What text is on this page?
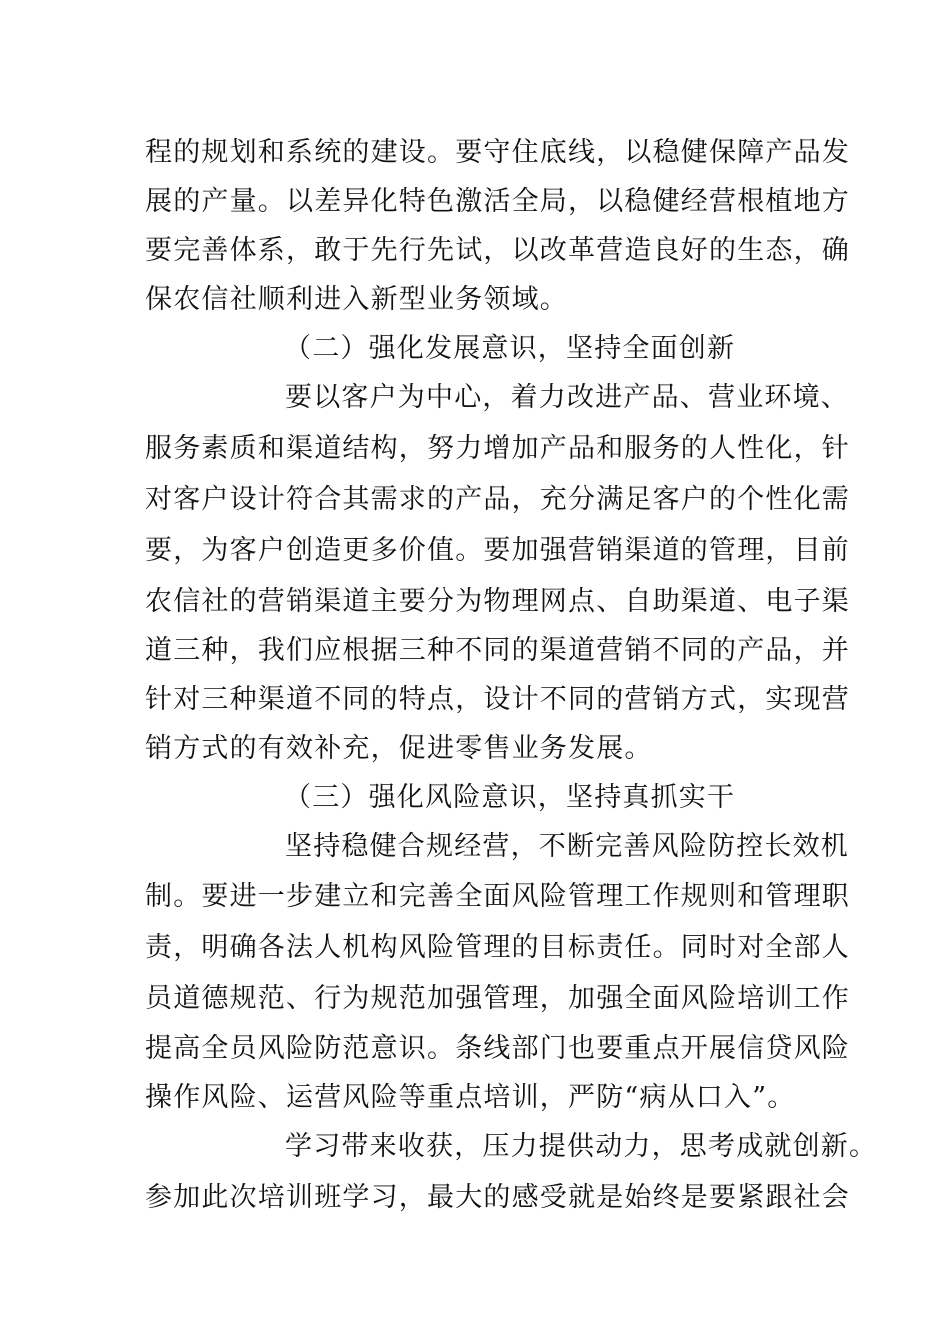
程的规划和系统的建设。要守住底线，以稳健保障产品发
展的产量。以差异化特色激活全局，以稳健经营根植地方
要完善体系，敢于先行先试，以改革营造良好的生态，确
保农信社顺利进入新型业务领域。
（二）强化发展意识，坚持全面创新
要以客户为中心，着力改进产品、营业环境、
服务素质和渠道结构，努力增加产品和服务的人性化，针
对客户设计符合其需求的产品，充分满足客户的个性化需
要，为客户创造更多价值。要加强营销渠道的管理，目前
农信社的营销渠道主要分为物理网点、自助渠道、电子渠
道三种，我们应根据三种不同的渠道营销不同的产品，并
针对三种渠道不同的特点，设计不同的营销方式，实现营
销方式的有效补充，促进零售业务发展。
（三）强化风险意识，坚持真抓实干
坚持稳健合规经营，不断完善风险防控长效机
制。要进一步建立和完善全面风险管理工作规则和管理职
责，明确各法人机构风险管理的目标责任。同时对全部人
员道德规范、行为规范加强管理，加强全面风险培训工作
提高全员风险防范意识。条线部门也要重点开展信贷风险
操作风险、运营风险等重点培训，严防“病从口入”。
学习带来收获，压力提供动力，思考成就创新。
参加此次培训班学习，最大的感受就是始终是要紧跟社会
